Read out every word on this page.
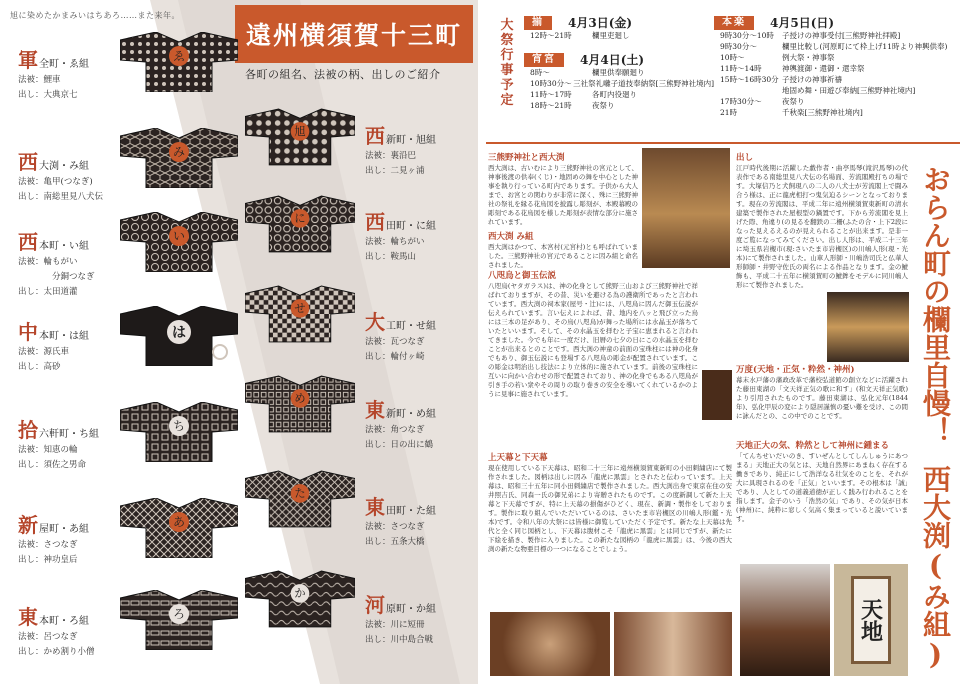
旭に染めたかまみいはちあろ……また来年。
遠州横須賀十三町
各町の組名、法被の柄、出しのご紹介
軍 全町・ゑ組
法被：鯉車
出し：大典京七
西 大渕・み組
法被：亀甲(つなぎ)
出し：南総里見八犬伝
西 本町・い組
法被：輪もがい
分銅つなぎ
出し：太田道灌
中 本町・は組
法被：源氏車
出し：高砂
拾 六軒町・ち組
法被：知恵の輪
出し：須佐之男命
新 屋町・あ組
法被：さつなぎ
出し：神功皇后
東 本町・ろ組
法被：呂つなぎ
出し：かめ割り小僧
西 新町・旭組
法被：裏沿巴
出し：二見ヶ浦
西 田町・に組
法被：輪ちがい
出し：鞍馬山
大 工町・せ組
法被：瓦つなぎ
出し：輪付ヶ崎
東 新町・め組
法被：角つなぎ
出し：日の出に鶴
東 田町・た組
法被：さつなぎ
出し：五条大橋
河 原町・か組
法被：川に短冊
出し：川中島合戦
ゑ
み
い
は
ち
あ
ろ
旭
に
せ
め
た
か
大祭行事予定
揃	4月3日(金)
12時〜21時	欄里吏廻し
宵宮	4月4日(土)
8時〜	欄里供奉願廻り
10時30分〜 三社祭礼囃子道技奉納祭[三熊野神社境内]
11時〜17時	各町内役廻り
18時〜21時	夜祭り
本楽	4月5日(日)
9時30分〜10時	子授けの神事受付[三熊野神社拝殿]
9時30分〜	欄里比較し(河原町にて枠上げ11時より神興供奉)
10時〜	例大祭・神事祭
11時〜14時	神輿渡御・還御・還幸祭
15時〜16時30分 子授けの神事祈禱
地固め舞・田遊び奉納[三熊野神社境内]
17時30分〜	夜祭り
21時	千秋楽[三熊野神社境内]
三熊野神社と西大渕
西大渕は、古いむにより三熊野神社の宮元として、神事後渡の供奉(くじ)・地固めの舞を中心とした神事を執り行っている町内であります。子供から大人まで、お宮との関わりが非常に深く、殊に三熊野神社の祭礼を縁る花鳥図を披露し彫刻が、本殿幕殿の彫刻である花鳥図を様した彫刻が表情な部分に施されています。
西大渕 み組
西大渕はかつて、本宮村(元宮村)とも呼ばれていました。三熊野神社の宮元であることに因み組と命名されました。
八咫烏と御玉伝説
八咫烏(ヤタガラス)は、神の化身として熊野三山および三熊野神社で祥ばれておりますが、その昔、災いを避ける為の護衛所であったと言われています。西大渕の祠本家(屋号・辻)には、八咫烏に因んだ御玉伝説が伝えられています。言い伝えによれば、昔、地内を八ッと飛び立った鳥には三本の足があり、その鳥(八咫烏)が舞った場所には水晶玉が落ちていたといいます。そして、その水晶玉を拝むと子宝に恵まれると言われてきました。今でも年に一度だけ、旧暦の七夕の日にこの水晶玉を拝むことが出来るとのことです。西大渕の神童の前面の宝珠柱には神の化身でもあり、御玉伝説にも登場する八咫烏の彫金が配置されています。この彫金は明治出し技法により立体的に施されています。前後の宝珠柱に互いに向かい合わせの形で配置されており、神の化身でもある八咫烏が引き手の若い衆やその周りの取り巻きの安全を導いてくれているかのように見事に施されています。
上天幕と下天幕
現在使用している下天幕は、昭和二十三年に遠州横須賀東新町の小田刺繍店にて製作されました。図柄は出しに因み「龍虎に黒雲」とされたと伝わっています。上天幕は、昭和三十五年に同小田刺繍店で製作されました。西大渕出身で東京在住の安井照吉氏、同森一氏の御兄弟により寄贈されたものです。この度新調して新た上天幕と下天幕ですが、特に上天幕の損傷がひどく、現在、新調・製作をしております。製作に取り組んでいただいているのは、さいたま市岩槻区の川嶋人形(鑑・光本)です。令和八年の大祭には皆様に御覧していただく予定です。新たな上天幕は先代と全く同じ図柄とし、下天幕は腹材こそ「龍虎に黒雲」とは同じですが、新たに下絵を描き、製作に入りました。この新たな図柄の「龍虎に黒雲」は、今後の西大渕の新たな物亜目標の一つになることでしょう。
出し
江戸時代後期に活躍した戯作者・曲亭馬琴(滝沢馬琴)の代表作である南総里見八犬伝の名場面、芳流閣殿打ちの場です。大塚信乃と犬飼現八の二人の八犬士が芳流閣上で闘み合う様は、正に龍虎相打つ鬼気迫るシーンとなっております。現在の芳流閣は、平成二年に遠州横須賀東新町の清水建築で製作された屋根型の鍋置です。下から芳流閣を見上げた際、角違り(の見るを翻鉄の二柵(ふたの合・上下2段になった見えるえるのが見えられることが出来ます。是非一度ご覧になってみてください。出し人形は、平成二十三年に埼玉県岩槻市(現:さいたま市岩槻区)の川嶋人形(現・光本)にて製作されました。山車人形師・川嶋浩司氏と仏華人形師師・井野守佐氏の両名による作品となります。金の鯱飾も、平成二十五年に横須賀町の鯱鉾をモデルに同川嶋人形にて製作されました。
万度(天地・正気・粋然・神州)
幕末水戸藩の藩政改革で藩校弘道館の創立などに活躍された藤田東湖の「文天祥正気の歌に和す」(和文天祥正気歌)より引用されたものです。藤田東湖は、弘化元年(1844年)、弘化甲辰の変により隠居謹慎の憂い難を受け、この間に詠んだとの、この中でのことです。
天地正大の気、粋然として神州に鍾まる
「てんちせいだいのき、すいぜんとしてしんしゅうにあつまる」天地正大の気とは、天地自然界にあまねく存在する働きであり、純正にして浩洋なる壮気をのことを、それが大に具現されるのを「正気」といいます。その根本は「誠」であり、人としての道義道徳が正しく践み行われることを指します。金子のいう「浩然の気」であり、その気が日本(神州)に、純粋に窓しく気高く集まっていると説いています。
天地
おらん町の欄里自慢！
西大渕(み組)
